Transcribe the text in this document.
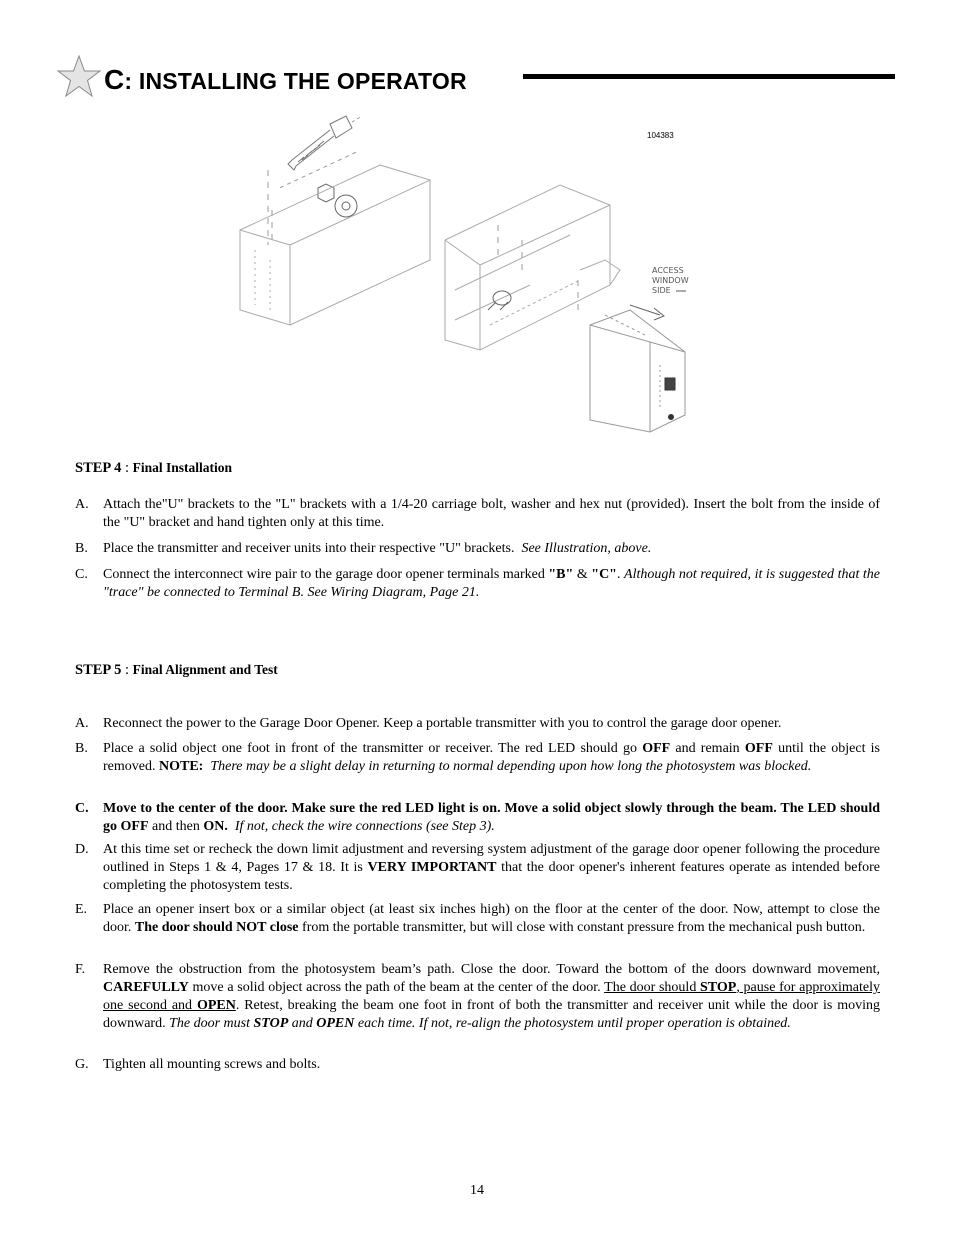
C: INSTALLING THE OPERATOR
104383
ACCESS
WINDOW
SIDE
STEP 4 : Final Installation
A. Attach the"U" brackets to the "L" brackets with a 1/4-20 carriage bolt, washer and hex nut (provided). Insert the bolt from the inside of the "U" bracket and hand tighten only at this time.
B. Place the transmitter and receiver units into their respective "U" brackets. See Illustration, above.
C. Connect the interconnect wire pair to the garage door opener terminals marked "B" & "C". Although not required, it is suggested that the "trace" be connected to Terminal B. See Wiring Diagram, Page 21.
STEP 5 : Final Alignment and Test
A. Reconnect the power to the Garage Door Opener. Keep a portable transmitter with you to control the garage door opener.
B. Place a solid object one foot in front of the transmitter or receiver. The red LED should go OFF and remain OFF until the object is removed. NOTE: There may be a slight delay in returning to normal depending upon how long the photosystem was blocked.
C. Move to the center of the door. Make sure the red LED light is on. Move a solid object slowly through the beam. The LED should go OFF and then ON. If not, check the wire connections (see Step 3).
D. At this time set or recheck the down limit adjustment and reversing system adjustment of the garage door opener following the procedure outlined in Steps 1 & 4, Pages 17 & 18. It is VERY IMPORTANT that the door opener's inherent features operate as intended before completing the photosystem tests.
E. Place an opener insert box or a similar object (at least six inches high) on the floor at the center of the door. Now, attempt to close the door. The door should NOT close from the portable transmitter, but will close with constant pressure from the mechanical push button.
F. Remove the obstruction from the photosystem beam’s path. Close the door. Toward the bottom of the doors downward movement, CAREFULLY move a solid object across the path of the beam at the center of the door. The door should STOP, pause for approximately one second and OPEN. Retest, breaking the beam one foot in front of both the transmitter and receiver unit while the door is moving downward. The door must STOP and OPEN each time. If not, re-align the photosystem until proper operation is obtained.
G. Tighten all mounting screws and bolts.
14
